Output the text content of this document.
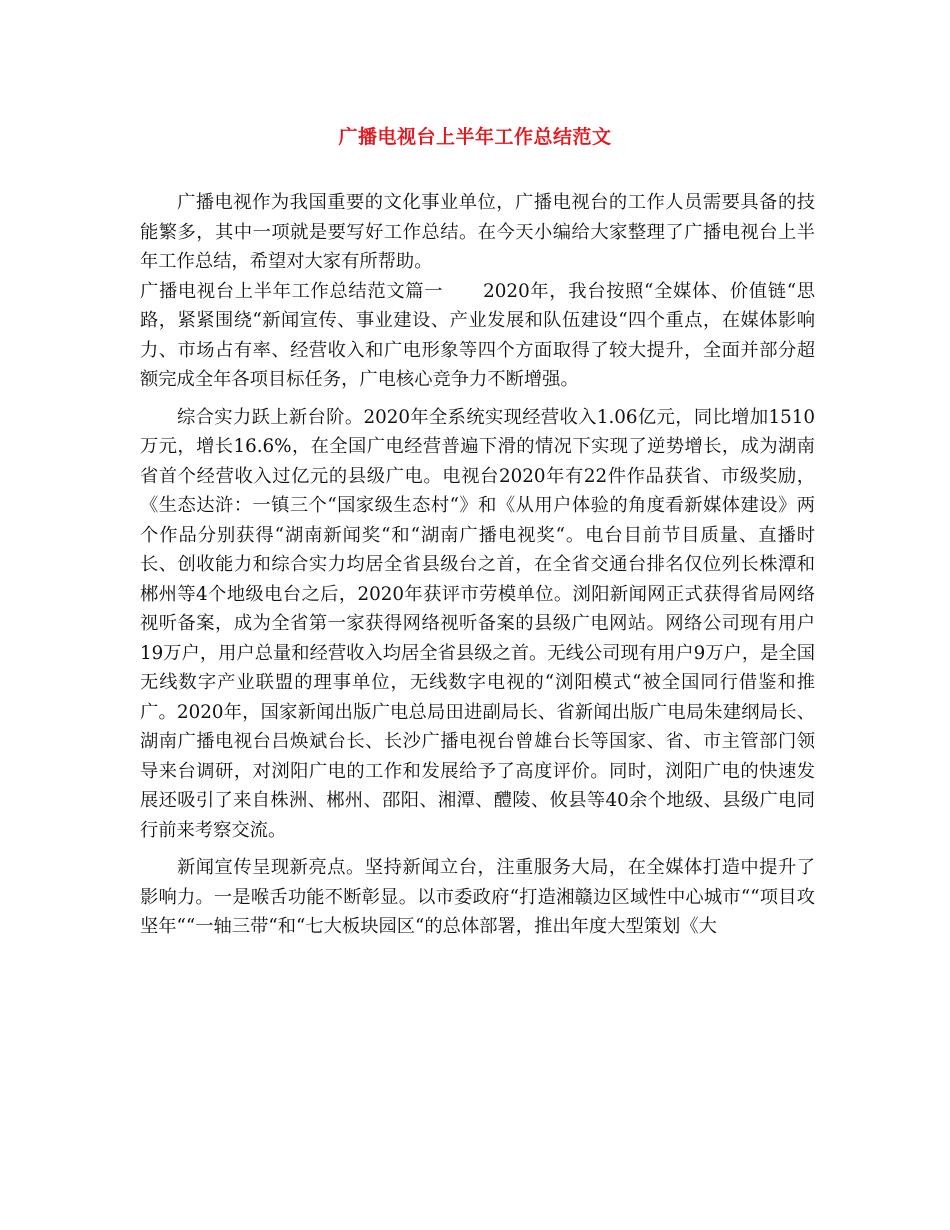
广播电视台上半年工作总结范文

广播电视作为我国重要的文化事业单位，广播电视台的工作人员需要具备的技能繁多，其中一项就是要写好工作总结。在今天小编给大家整理了广播电视台上半年工作总结，希望对大家有所帮助。

广播电视台上半年工作总结范文篇一 2020年，我台按照“全媒体、价值链“思路，紧紧围绕“新闻宣传、事业建设、产业发展和队伍建设“四个重点，在媒体影响力、市场占有率、经营收入和广电形象等四个方面取得了较大提升，全面并部分超额完成全年各项目标任务，广电核心竞争力不断增强。

综合实力跃上新台阶。2020年全系统实现经营收入1.06亿元，同比增加1510万元，增长16.6%，在全国广电经营普遍下滑的情况下实现了逆势增长，成为湖南省首个经营收入过亿元的县级广电。电视台2020年有22件作品获省、市级奖励，《生态达浒：一镇三个“国家级生态村“》和《从用户体验的角度看新媒体建设》两个作品分别获得“湖南新闻奖“和“湖南广播电视奖“。电台目前节目质量、直播时长、创收能力和综合实力均居全省县级台之首，在全省交通台排名仅位列长株潭和郴州等4个地级电台之后，2020年获评市劳模单位。浏阳新闻网正式获得省局网络视听备案，成为全省第一家获得网络视听备案的县级广电网站。网络公司现有用户19万户，用户总量和经营收入均居全省县级之首。无线公司现有用户9万户，是全国无线数字产业联盟的理事单位，无线数字电视的“浏阳模式“被全国同行借鉴和推广。2020年，国家新闻出版广电总局田进副局长、省新闻出版广电局朱建纲局长、湖南广播电视台吕焕斌台长、长沙广播电视台曾雄台长等国家、省、市主管部门领导来台调研，对浏阳广电的工作和发展给予了高度评价。同时，浏阳广电的快速发展还吸引了来自株洲、郴州、邵阳、湘潭、醴陵、攸县等40余个地级、县级广电同行前来考察交流。

新闻宣传呈现新亮点。坚持新闻立台，注重服务大局，在全媒体打造中提升了影响力。一是喉舌功能不断彰显。以市委政府“打造湘赣边区域性中心城市““项目攻坚年““一轴三带“和“七大板块园区“的总体部署，推出年度大型策划《大
